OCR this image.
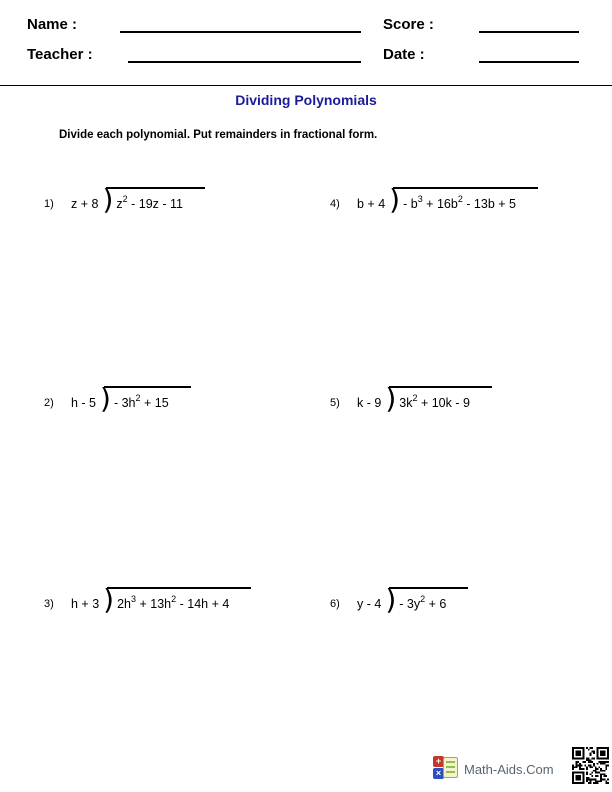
Name :	Score :
Teacher :	Date :
Dividing Polynomials
Divide each polynomial. Put remainders in fractional form.
1)	z + 8 ) $z^2 - 19z - 11$
2)	h - 5 ) - $3h^2 + 15$
3)	h + 3 ) $2h^3 + 13h^2 - 14h + 4$
4)	b + 4 ) - $b^3 + 16b^2 - 13b + 5$
5)	k - 9 ) $3k^2 + 10k - 9$
6)	y - 4 ) - $3y^2 + 6$
+
× Math-Aids.Com
